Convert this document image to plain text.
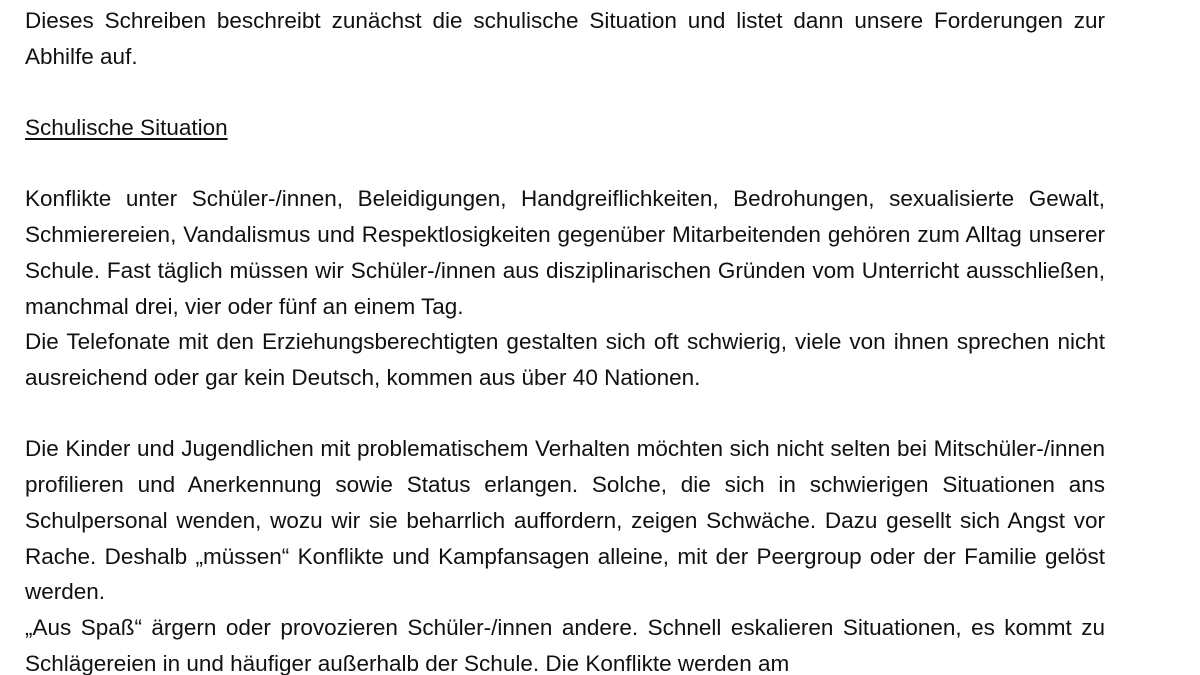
Dieses Schreiben beschreibt zunächst die schulische Situation und listet dann unsere Forderungen zur Abhilfe auf.

Schulische Situation

Konflikte unter Schüler-/innen, Beleidigungen, Handgreiflichkeiten, Bedrohungen, sexualisierte Gewalt, Schmierereien, Vandalismus und Respektlosigkeiten gegenüber Mitarbeitenden gehören zum Alltag unserer Schule. Fast täglich müssen wir Schüler-/innen aus disziplinarischen Gründen vom Unterricht ausschließen, manchmal drei, vier oder fünf an einem Tag.

Die Telefonate mit den Erziehungsberechtigten gestalten sich oft schwierig, viele von ihnen sprechen nicht ausreichend oder gar kein Deutsch, kommen aus über 40 Nationen.

Die Kinder und Jugendlichen mit problematischem Verhalten möchten sich nicht selten bei Mitschüler-/innen profilieren und Anerkennung sowie Status erlangen. Solche, die sich in schwierigen Situationen ans Schulpersonal wenden, wozu wir sie beharrlich auffordern, zeigen Schwäche. Dazu gesellt sich Angst vor Rache. Deshalb „müssen“ Konflikte und Kampfansagen alleine, mit der Peergroup oder der Familie gelöst werden.

„Aus Spaß“ ärgern oder provozieren Schüler-/innen andere. Schnell eskalieren Situationen, es kommt zu Schlägereien in und häufiger außerhalb der Schule. Die Konflikte werden am
